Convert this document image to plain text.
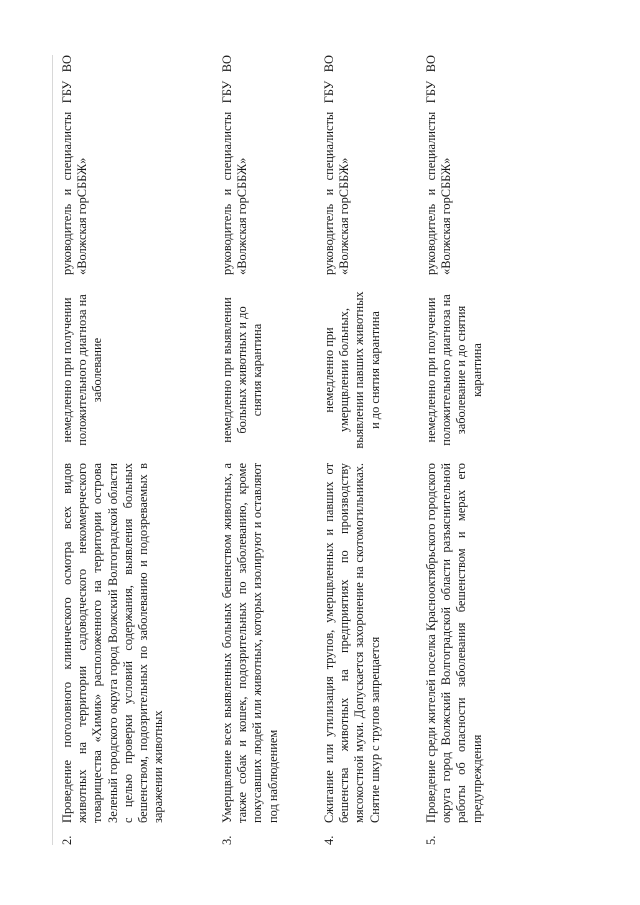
2.
Проведение поголовного клинического осмотра всех видов животных на территории садоводческого некоммерческого товарищества «Химик» расположенного на территории острова Зеленый городского округа город Волжский Волгоградской области с целью проверки условий содержания, выявления больных бешенством, подозрительных по заболеванию и подозреваемых в заражении животных
немедленно при получении положительного диагноза на заболевание
руководитель и специалисты ГБУ ВО «Волжская горСББЖ»
3.
Умерщвление всех выявленных больных бешенством животных, а также собак и кошек, подозрительных по заболеванию, кроме покусавших людей или животных, которых изолируют и оставляют под наблюдением
немедленно при выявлении больных животных и до снятия карантина
руководитель и специалисты ГБУ ВО «Волжская горСББЖ»
4.
Сжигание или утилизация трупов, умерщвленных и павших от бешенства животных на предприятиях по производству мясокостной муки. Допускается захоронение на скотомогильниках. Снятие шкур с трупов запрещается
немедленно при умерщвлении больных, выявлении павших животных и до снятия карантина
руководитель и специалисты ГБУ ВО «Волжская горСББЖ»
5.
Проведение среди жителей поселка Краснооктябрьского городского округа город Волжский Волгоградской области разъяснительной работы об опасности заболевания бешенством и мерах его предупреждения
немедленно при получении положительного диагноза на заболевание и до снятия карантина
руководитель и специалисты ГБУ ВО «Волжская горСББЖ»
